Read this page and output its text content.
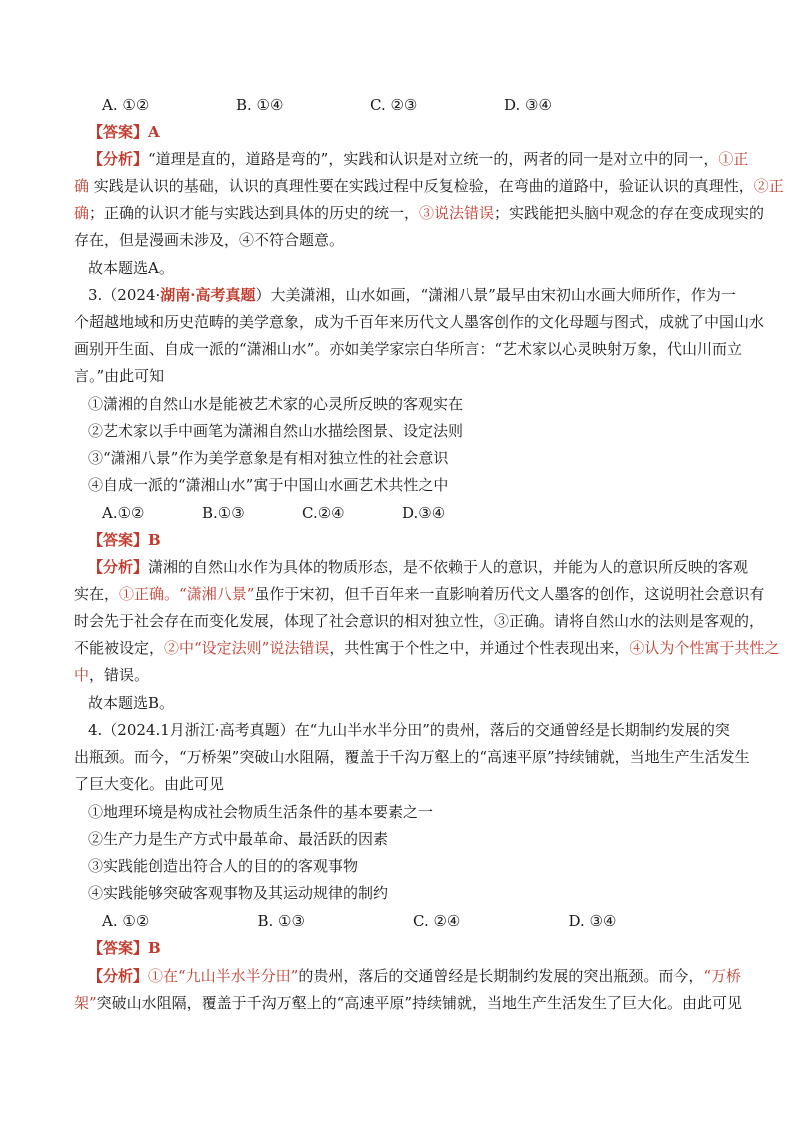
A. ①②	B. ①④	C. ②③	D. ③④
【答案】A
【分析】“道理是直的，道路是弯的”，实践和认识是对立统一的，两者的同一是对立中的同一，①正
确 实践是认识的基础，认识的真理性要在实践过程中反复检验，在弯曲的道路中，验证认识的真理性，②正
确；正确的认识才能与实践达到具体的历史的统一，③说法错误；实践能把头脑中观念的存在变成现实的
存在，但是漫画未涉及，④不符合题意。
故本题选A。
3.（2024·湖南·高考真题）大美潇湘，山水如画，“潇湘八景”最早由宋初山水画大师所作，作为一
个超越地域和历史范畴的美学意象，成为千百年来历代文人墨客创作的文化母题与图式，成就了中国山水
画别开生面、自成一派的“潇湘山水”。亦如美学家宗白华所言：“艺术家以心灵映射万象，代山川而立
言。”由此可知
①潇湘的自然山水是能被艺术家的心灵所反映的客观实在
②艺术家以手中画笔为潇湘自然山水描绘图景、设定法则
③“潇湘八景”作为美学意象是有相对独立性的社会意识
④自成一派的“潇湘山水”寓于中国山水画艺术共性之中
A.①②	B.①③	C.②④	D.③④
【答案】B
【分析】潇湘的自然山水作为具体的物质形态，是不依赖于人的意识，并能为人的意识所反映的客观
实在，①正确。“潇湘八景”虽作于宋初，但千百年来一直影响着历代文人墨客的创作，这说明社会意识有
时会先于社会存在而变化发展，体现了社会意识的相对独立性，③正确。请将自然山水的法则是客观的，
不能被设定，②中“设定法则”说法错误，共性寓于个性之中，并通过个性表现出来，④认为个性寓于共性之
中，错误。
故本题选B。
4.（2024.1月浙江·高考真题）在“九山半水半分田”的贵州，落后的交通曾经是长期制约发展的突
出瓶颈。而今，“万桥架”突破山水阻隔，覆盖于千沟万壑上的“高速平原”持续铺就，当地生产生活发生
了巨大变化。由此可见
①地理环境是构成社会物质生活条件的基本要素之一
②生产力是生产方式中最革命、最活跃的因素
③实践能创造出符合人的目的的客观事物
④实践能够突破客观事物及其运动规律的制约
A. ①②	B. ①③	C. ②④	D. ③④
【答案】B
【分析】①在“九山半水半分田”的贵州，落后的交通曾经是长期制约发展的突出瓶颈。而今，“万桥
架”突破山水阻隔，覆盖于千沟万壑上的“高速平原”持续铺就，当地生产生活发生了巨大化。由此可见
